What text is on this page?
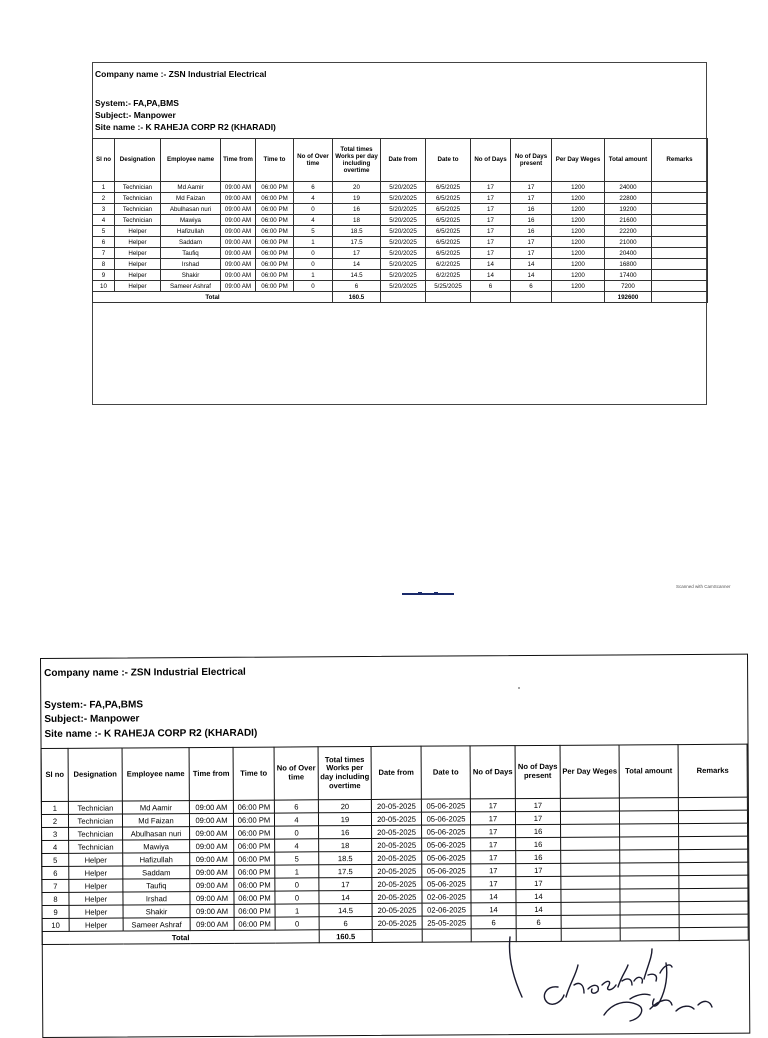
Company name :- ZSN Industrial Electrical
System:- FA,PA,BMS
Subject:- Manpower
Site name :- K RAHEJA CORP R2 (KHARADI)
Sl no	Designation	Employee name	Time from	Time to	No of Over time	Total times Works per day including overtime	Date from	Date to	No of Days	No of Days present	Per Day Weges	Total amount	Remarks
1	Technician	Md Aamir	09:00 AM	06:00 PM	6	20	5/20/2025	6/5/2025	17	17	1200	24000	
2	Technician	Md Faizan	09:00 AM	06:00 PM	4	19	5/20/2025	6/5/2025	17	17	1200	22800	
3	Technician	Abulhasan nuri	09:00 AM	06:00 PM	0	16	5/20/2025	6/5/2025	17	16	1200	19200	
4	Technician	Mawiya	09:00 AM	06:00 PM	4	18	5/20/2025	6/5/2025	17	16	1200	21600	
5	Helper	Hafizullah	09:00 AM	06:00 PM	5	18.5	5/20/2025	6/5/2025	17	16	1200	22200	
6	Helper	Saddam	09:00 AM	06:00 PM	1	17.5	5/20/2025	6/5/2025	17	17	1200	21000	
7	Helper	Taufiq	09:00 AM	06:00 PM	0	17	5/20/2025	6/5/2025	17	17	1200	20400	
8	Helper	Irshad	09:00 AM	06:00 PM	0	14	5/20/2025	6/2/2025	14	14	1200	16800	
9	Helper	Shakir	09:00 AM	06:00 PM	1	14.5	5/20/2025	6/2/2025	14	14	1200	17400	
10	Helper	Sameer Ashraf	09:00 AM	06:00 PM	0	6	5/20/2025	5/25/2025	6	6	1200	7200	
Total						160.5						192600	
Scanned with CamScanner
Company name :- ZSN Industrial Electrical
System:- FA,PA,BMS
Subject:- Manpower
Site name :- K RAHEJA CORP R2 (KHARADI)
Sl no	Designation	Employee name	Time from	Time to	No of Over time	Total times Works per day including overtime	Date from	Date to	No of Days	No of Days present	Per Day Weges	Total amount	Remarks
1	Technician	Md Aamir	09:00 AM	06:00 PM	6	20	20-05-2025	05-06-2025	17	17			
2	Technician	Md Faizan	09:00 AM	06:00 PM	4	19	20-05-2025	05-06-2025	17	17			
3	Technician	Abulhasan nuri	09:00 AM	06:00 PM	0	16	20-05-2025	05-06-2025	17	16			
4	Technician	Mawiya	09:00 AM	06:00 PM	4	18	20-05-2025	05-06-2025	17	16			
5	Helper	Hafizullah	09:00 AM	06:00 PM	5	18.5	20-05-2025	05-06-2025	17	16			
6	Helper	Saddam	09:00 AM	06:00 PM	1	17.5	20-05-2025	05-06-2025	17	17			
7	Helper	Taufiq	09:00 AM	06:00 PM	0	17	20-05-2025	05-06-2025	17	17			
8	Helper	Irshad	09:00 AM	06:00 PM	0	14	20-05-2025	02-06-2025	14	14			
9	Helper	Shakir	09:00 AM	06:00 PM	1	14.5	20-05-2025	02-06-2025	14	14			
10	Helper	Sameer Ashraf	09:00 AM	06:00 PM	0	6	20-05-2025	25-05-2025	6	6			
Total						160.5								Checked by
